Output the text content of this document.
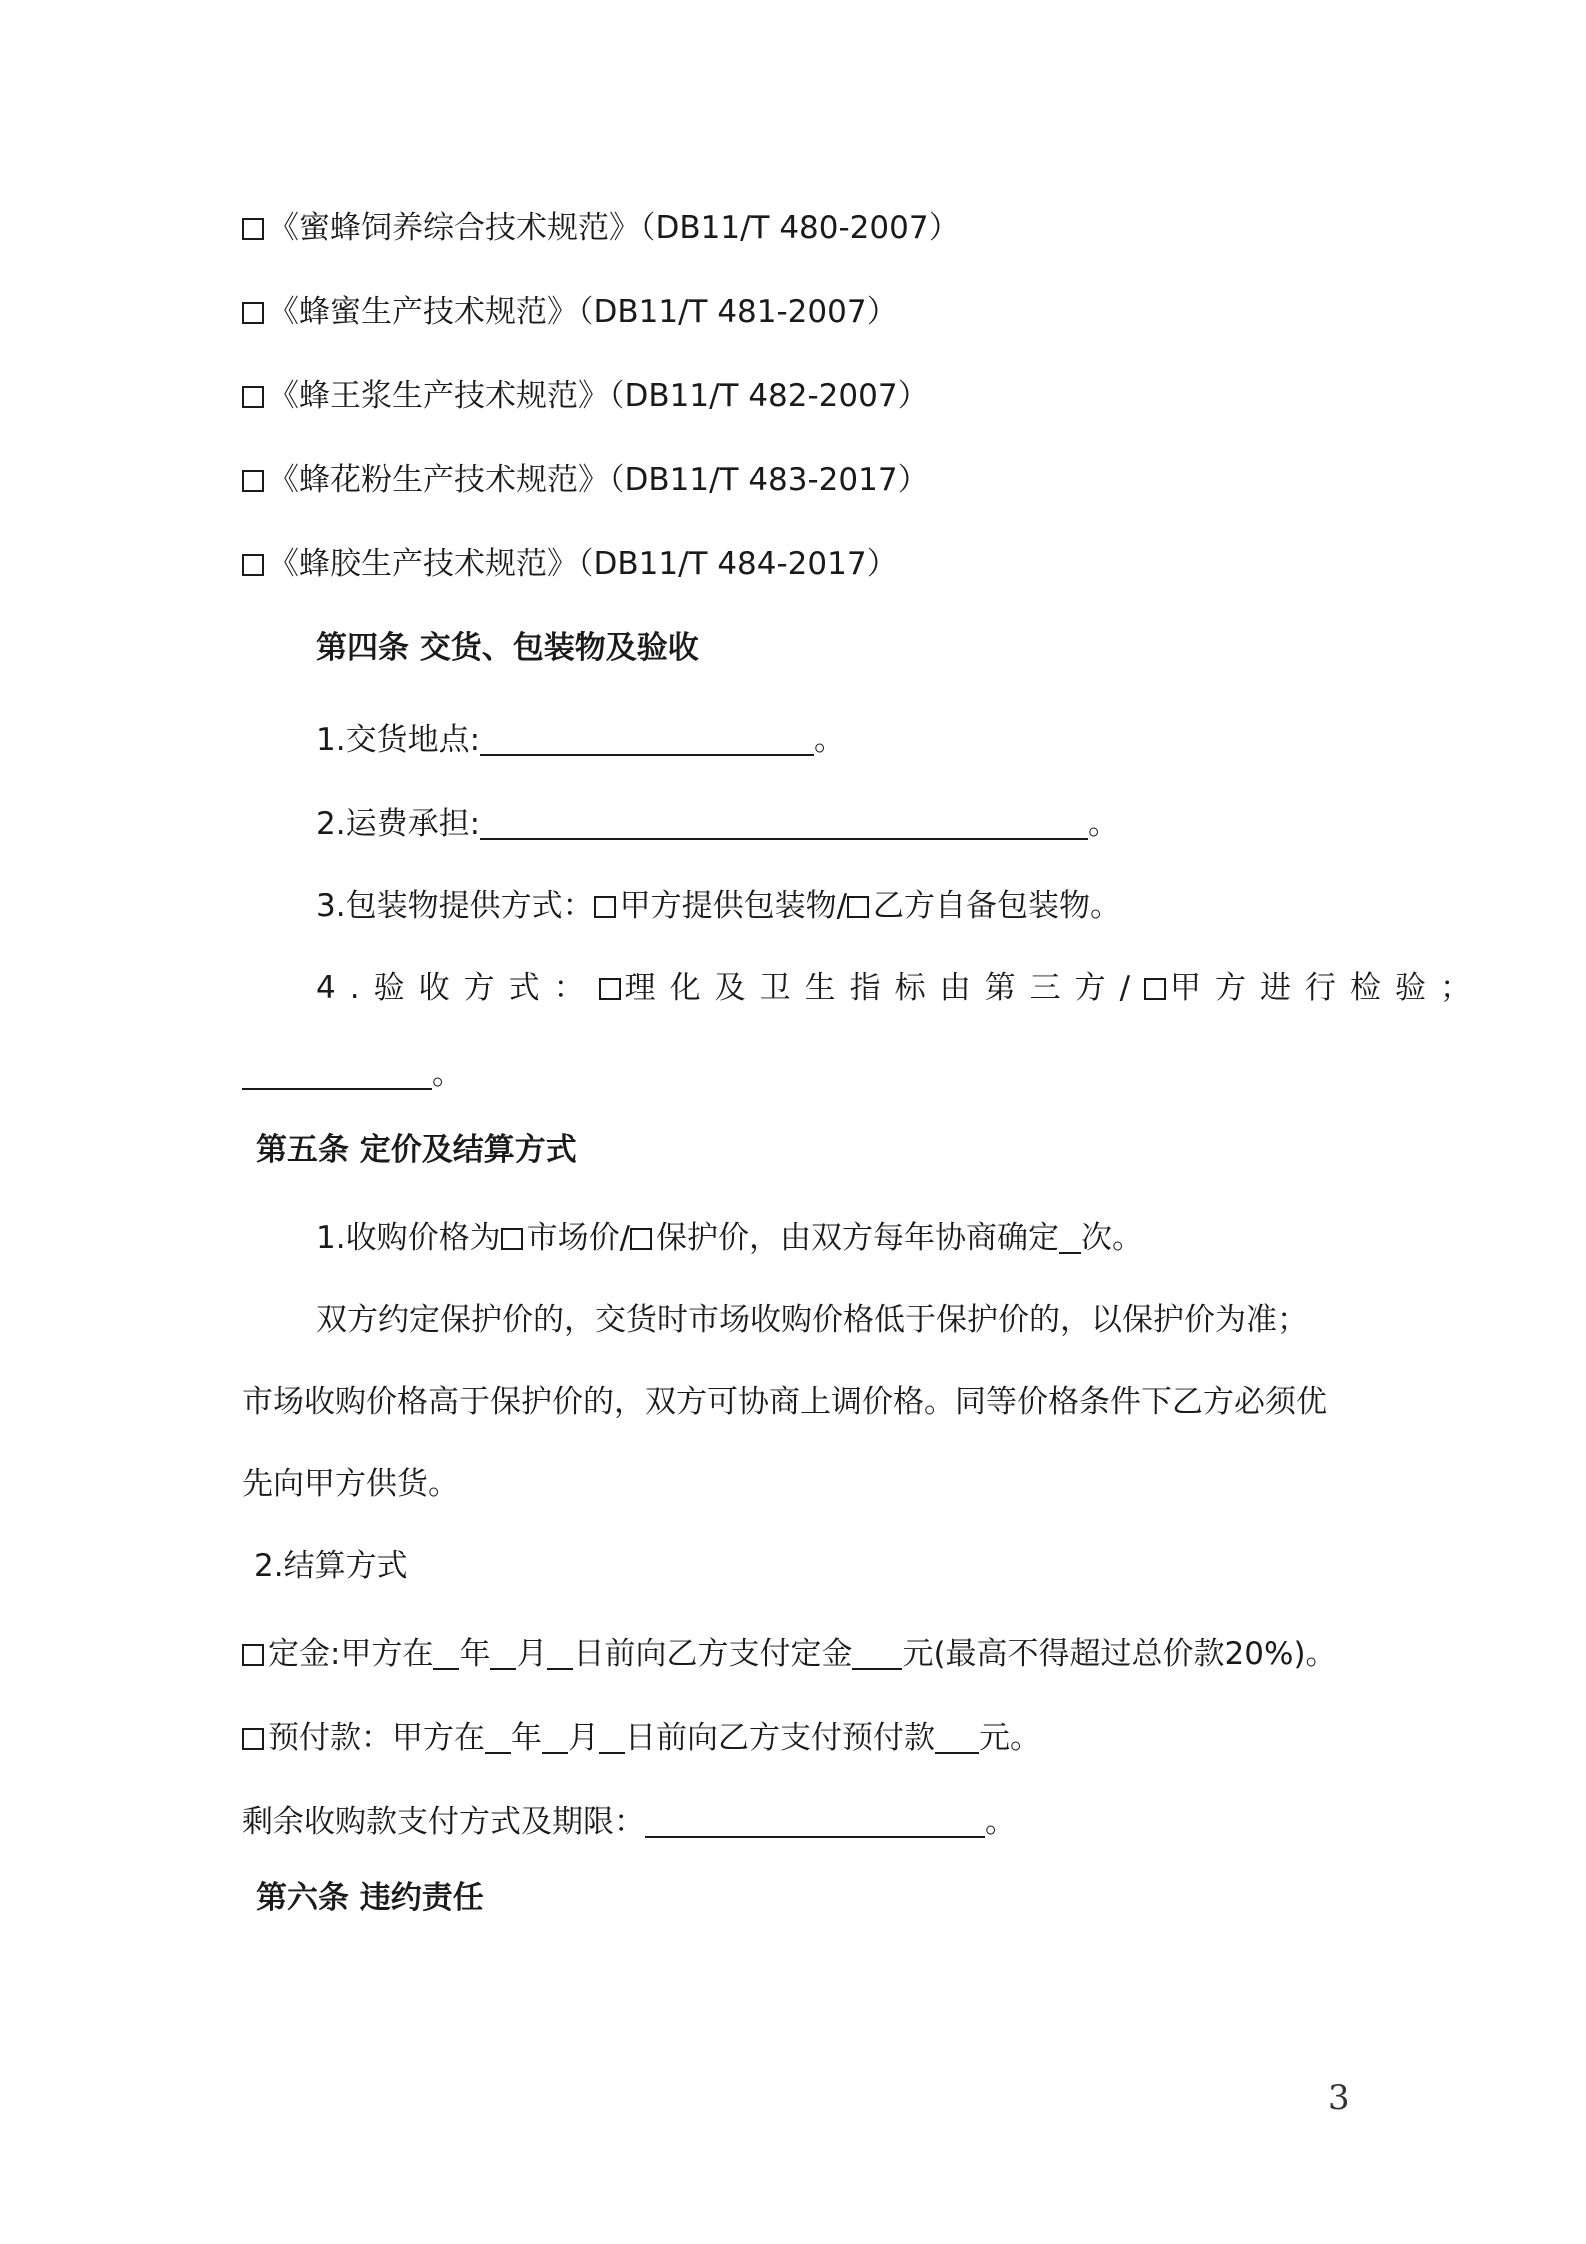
《蜜蜂饲养综合技术规范》（DB11/T 480-2007）
《蜂蜜生产技术规范》（DB11/T 481-2007）
《蜂王浆生产技术规范》（DB11/T 482-2007）
《蜂花粉生产技术规范》（DB11/T 483-2017）
《蜂胶生产技术规范》（DB11/T 484-2017）
第四条 交货、包装物及验收
1.交货地点:	。
2.运费承担:	。
3.包装物提供方式： 甲方提供包装物/ 乙方自备包装物。
4.验收方式： 理化及卫生指标由第三方/ 甲方进行检验；
。
第五条 定价及结算方式
1.收购价格为 市场价/ 保护价，由双方每年协商确定 次。
双方约定保护价的，交货时市场收购价格低于保护价的，以保护价为准；
市场收购价格高于保护价的，双方可协商上调价格。同等价格条件下乙方必须优
先向甲方供货。
2.结算方式
定金:甲方在 年 月 日前向乙方支付定金 元(最高不得超过总价款20%)。
预付款：甲方在 年 月 日前向乙方支付预付款 元。
剩余收购款支付方式及期限：	。
第六条 违约责任
3
